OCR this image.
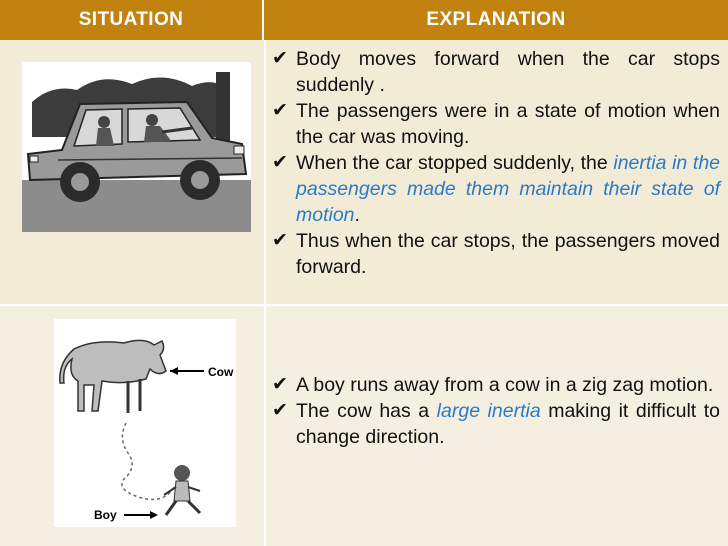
SITUATION	EXPLANATION
Cow
Boy
✔ Body moves forward when the car stops suddenly .
✔ The passengers were in a state of motion when the car was moving.
✔ When the car stopped suddenly, the inertia in the passengers made them maintain their state of motion.
✔ Thus when the car stops, the passengers moved forward.
✔ A boy runs away from a cow in a zig zag motion.
✔ The cow has a large inertia making it difficult to change direction.
